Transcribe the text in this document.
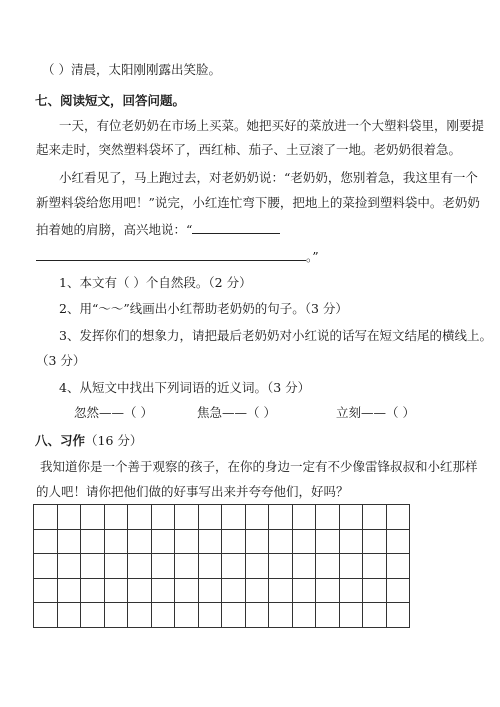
（ ）清晨，太阳刚刚露出笑脸。
七、阅读短文，回答问题。
一天，有位老奶奶在市场上买菜。她把买好的菜放进一个大塑料袋里，刚要提
起来走时，突然塑料袋坏了，西红柿、茄子、土豆滚了一地。老奶奶很着急。
小红看见了，马上跑过去，对老奶奶说：“老奶奶，您别着急，我这里有一个
新塑料袋给您用吧！”说完，小红连忙弯下腰，把地上的菜捡到塑料袋中。老奶奶
拍着她的肩膀，高兴地说：“
。”
1、本文有（ ）个自然段。（2 分）
2、用“～～”线画出小红帮助老奶奶的句子。（3 分）
3、发挥你们的想象力，请把最后老奶奶对小红说的话写在短文结尾的横线上。
（3 分）
4、从短文中找出下列词语的近义词。（3 分）
忽然——（ ）	焦急——（ ）	立刻——（ ）
八、习作（16 分）
我知道你是一个善于观察的孩子，在你的身边一定有不少像雷锋叔叔和小红那样
的人吧！请你把他们做的好事写出来并夸夸他们，好吗？
